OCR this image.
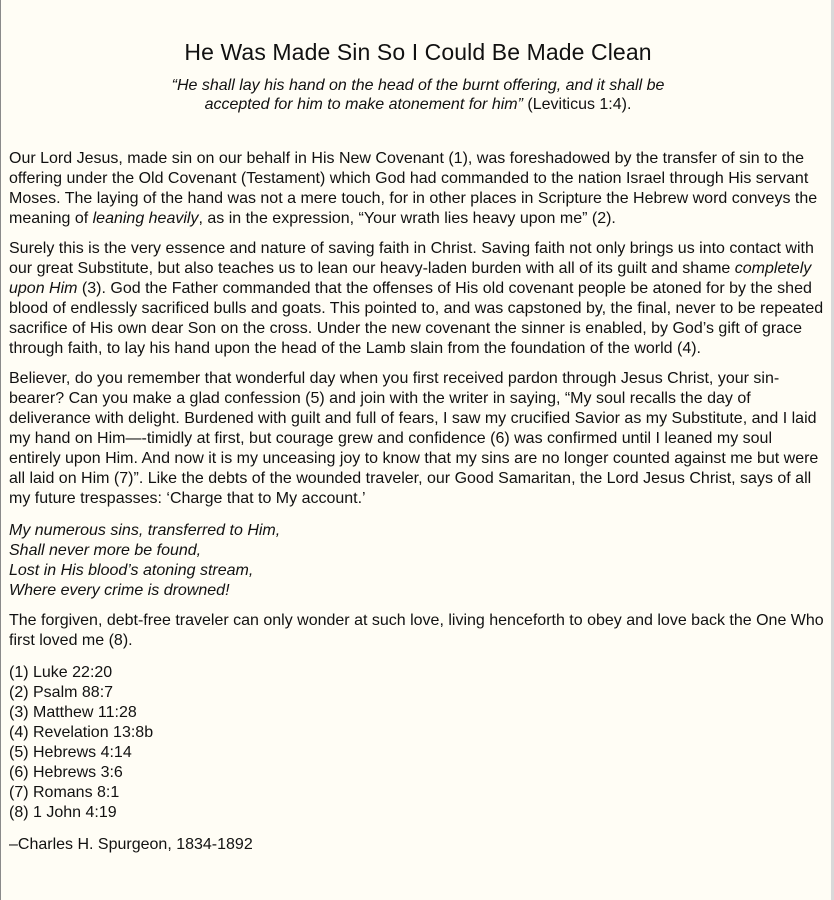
He Was Made Sin So I Could Be Made Clean
“He shall lay his hand on the head of the burnt offering, and it shall be accepted for him to make atonement for him” (Leviticus 1:4).

Our Lord Jesus, made sin on our behalf in His New Covenant (1), was foreshadowed by the transfer of sin to the offering under the Old Covenant (Testament) which God had commanded to the nation Israel through His servant Moses. The laying of the hand was not a mere touch, for in other places in Scripture the Hebrew word conveys the meaning of leaning heavily, as in the expression, “Your wrath lies heavy upon me” (2).

Surely this is the very essence and nature of saving faith in Christ. Saving faith not only brings us into contact with our great Substitute, but also teaches us to lean our heavy-laden burden with all of its guilt and shame completely upon Him (3). God the Father commanded that the offenses of His old covenant people be atoned for by the shed blood of endlessly sacrificed bulls and goats. This pointed to, and was capstoned by, the final, never to be repeated sacrifice of His own dear Son on the cross. Under the new covenant the sinner is enabled, by God’s gift of grace through faith, to lay his hand upon the head of the Lamb slain from the foundation of the world (4).

Believer, do you remember that wonderful day when you first received pardon through Jesus Christ, your sin-bearer? Can you make a glad confession (5) and join with the writer in saying, “My soul recalls the day of deliverance with delight. Burdened with guilt and full of fears, I saw my crucified Savior as my Substitute, and I laid my hand on Him—-timidly at first, but courage grew and confidence (6) was confirmed until I leaned my soul entirely upon Him. And now it is my unceasing joy to know that my sins are no longer counted against me but were all laid on Him (7)”. Like the debts of the wounded traveler, our Good Samaritan, the Lord Jesus Christ, says of all my future trespasses: ‘Charge that to My account.’

My numerous sins, transferred to Him,
Shall never more be found,
Lost in His blood’s atoning stream,
Where every crime is drowned!

The forgiven, debt-free traveler can only wonder at such love, living henceforth to obey and love back the One Who first loved me (8).

(1) Luke 22:20
(2) Psalm 88:7
(3) Matthew 11:28
(4) Revelation 13:8b
(5) Hebrews 4:14
(6) Hebrews 3:6
(7) Romans 8:1
(8) 1 John 4:19
–Charles H. Spurgeon, 1834-1892
